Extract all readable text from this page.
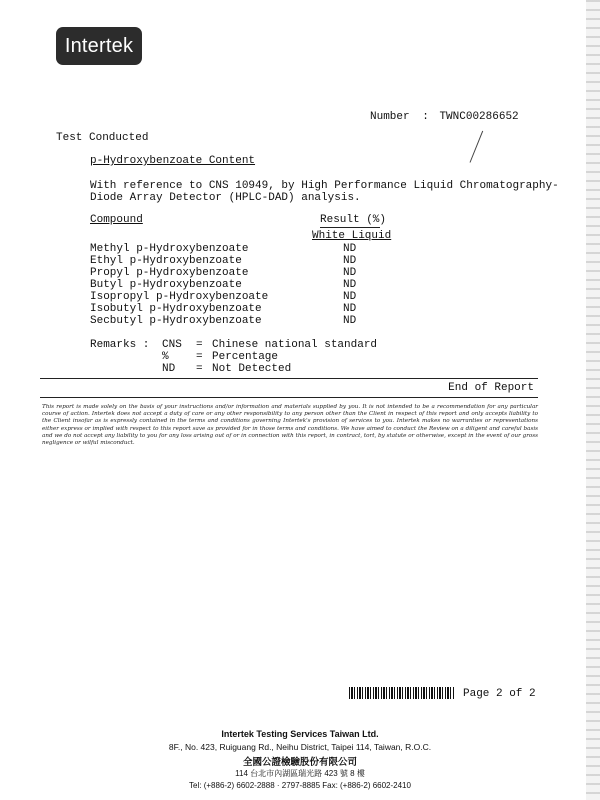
Intertek
Number : TWNC00286652
Test Conducted
p-Hydroxybenzoate Content
With reference to CNS 10949, by High Performance Liquid Chromatography-
Diode Array Detector (HPLC-DAD) analysis.
Compound	Result (%)
White Liquid
Methyl p-Hydroxybenzoate	ND
Ethyl p-Hydroxybenzoate	ND
Propyl p-Hydroxybenzoate	ND
Butyl p-Hydroxybenzoate	ND
Isopropyl p-Hydroxybenzoate	ND
Isobutyl p-Hydroxybenzoate	ND
Secbutyl p-Hydroxybenzoate	ND
Remarks : CNS = Chinese national standard
% = Percentage
ND = Not Detected
End of Report
This report is made solely on the basis of your instructions and/or information and materials supplied by you. It is not intended to be a recommendation for any particular course of action. Intertek does not accept a duty of care or any other responsibility to any person other than the Client in respect of this report and only accepts liability to the Client insofar as is expressly contained in the terms and conditions governing Intertek's provision of services to you. Intertek makes no warranties or representations either express or implied with respect to this report save as provided for in those terms and conditions. We have aimed to conduct the Review on a diligent and careful basis and we do not accept any liability to you for any loss arising out of or in connection with this report, in contract, tort, by statute or otherwise, except in the event of our gross negligence or wilful misconduct.
Page 2 of 2
Intertek Testing Services Taiwan Ltd.
8F., No. 423, Ruiguang Rd., Neihu District, Taipei 114, Taiwan, R.O.C.
全國公證檢驗股份有限公司
114 台北市內湖區瑞光路 423 號 8 樓
Tel: (+886-2) 6602-2888 · 2797-8885 Fax: (+886-2) 6602-2410
